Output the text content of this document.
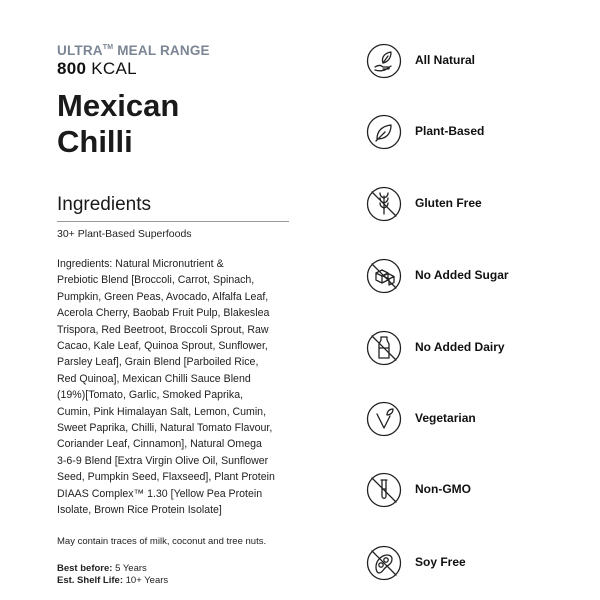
ULTRA™ MEAL RANGE
800 KCAL
Mexican
Chilli
Ingredients
30+ Plant-Based Superfoods
Ingredients: Natural Micronutrient &
Prebiotic Blend [Broccoli, Carrot, Spinach,
Pumpkin, Green Peas, Avocado, Alfalfa Leaf,
Acerola Cherry, Baobab Fruit Pulp, Blakeslea
Trispora, Red Beetroot, Broccoli Sprout, Raw
Cacao, Kale Leaf, Quinoa Sprout, Sunflower,
Parsley Leaf], Grain Blend [Parboiled Rice,
Red Quinoa], Mexican Chilli Sauce Blend
(19%)[Tomato, Garlic, Smoked Paprika,
Cumin, Pink Himalayan Salt, Lemon, Cumin,
Sweet Paprika, Chilli, Natural Tomato Flavour,
Coriander Leaf, Cinnamon], Natural Omega
3-6-9 Blend [Extra Virgin Olive Oil, Sunflower
Seed, Pumpkin Seed, Flaxseed], Plant Protein
DIAAS Complex™ 1.30 [Yellow Pea Protein
Isolate, Brown Rice Protein Isolate]
May contain traces of milk, coconut and tree nuts.
Best before: 5 Years
Est. Shelf Life: 10+ Years
All Natural
Plant-Based
Gluten Free
No Added Sugar
No Added Dairy
Vegetarian
Non-GMO
Soy Free
